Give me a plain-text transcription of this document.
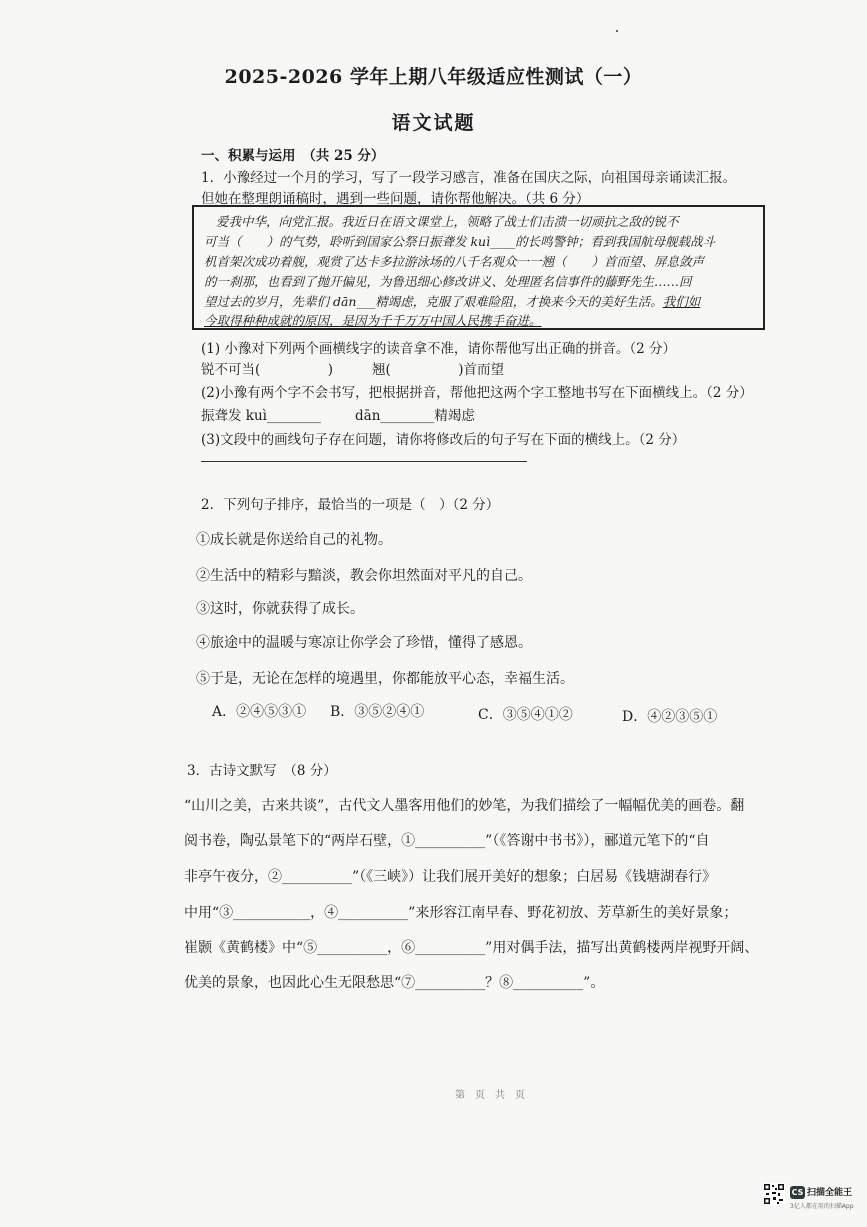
2025-2026 学年上期八年级适应性测试（一）
语文试题
一、积累与运用　（共 25 分）
1．小豫经过一个月的学习，写了一段学习感言，准备在国庆之际，向祖国母亲诵读汇报。
但她在整理朗诵稿时，遇到一些问题，请你帮他解决。（共 6 分）
爱我中华，向党汇报。我近日在语文课堂上，领略了战士们击溃一切顽抗之敌的锐不
可当（　　）的气势，聆听到国家公祭日振聋发 kuì____的长鸣警钟；看到我国航母舰载战斗
机首架次成功着舰，观赏了达卡多拉游泳场的八千名观众一一翘（　　）首而望、屏息敛声
的一刹那，也看到了抛开偏见，为鲁迅细心修改讲义、处理匿名信事件的藤野先生……回
望过去的岁月，先辈们 dān___精竭虑，克服了艰难险阻，才换来今天的美好生活。我们如
今取得种种成就的原因，是因为千千万万中国人民携手奋进。
(1) 小豫对下列两个画横线字的读音拿不准，请你帮他写出正确的拼音。（2 分）
锐不可当(　　　　　)	翘(　　　　　)首而望
(2)小豫有两个字不会书写，把根据拼音，帮他把这两个字工整地书写在下面横线上。（2 分）
振聋发 kuì________	dān________精竭虑
(3)文段中的画线句子存在问题，请你将修改后的句子写在下面的横线上。（2 分）
2．下列句子排序，最恰当的一项是（　）（2 分）
①成长就是你送给自己的礼物。
②生活中的精彩与黯淡，教会你坦然面对平凡的自己。
③这时，你就获得了成长。
④旅途中的温暖与寒凉让你学会了珍惜，懂得了感恩。
⑤于是，无论在怎样的境遇里，你都能放平心态，幸福生活。
A．②④⑤③① B．③⑤②④①	C．③⑤④①②	D．④②③⑤①
3．古诗文默写　（8 分）
“山川之美，古来共谈”，古代文人墨客用他们的妙笔，为我们描绘了一幅幅优美的画卷。翻
阅书卷，陶弘景笔下的“两岸石壁，①__________”（《答谢中书书》），郦道元笔下的“自
非亭午夜分，②__________”（《三峡》）让我们展开美好的想象；白居易《钱塘湖春行》
中用“③___________，④__________”来形容江南早春、野花初放、芳草新生的美好景象；
崔颢《黄鹤楼》中“⑤__________，⑥__________”用对偶手法，描写出黄鹤楼两岸视野开阔、
优美的景象，也因此心生无限愁思“⑦__________？⑧__________”。
第　页　共　页
CS 扫描全能王
3亿人都在用的扫描App
